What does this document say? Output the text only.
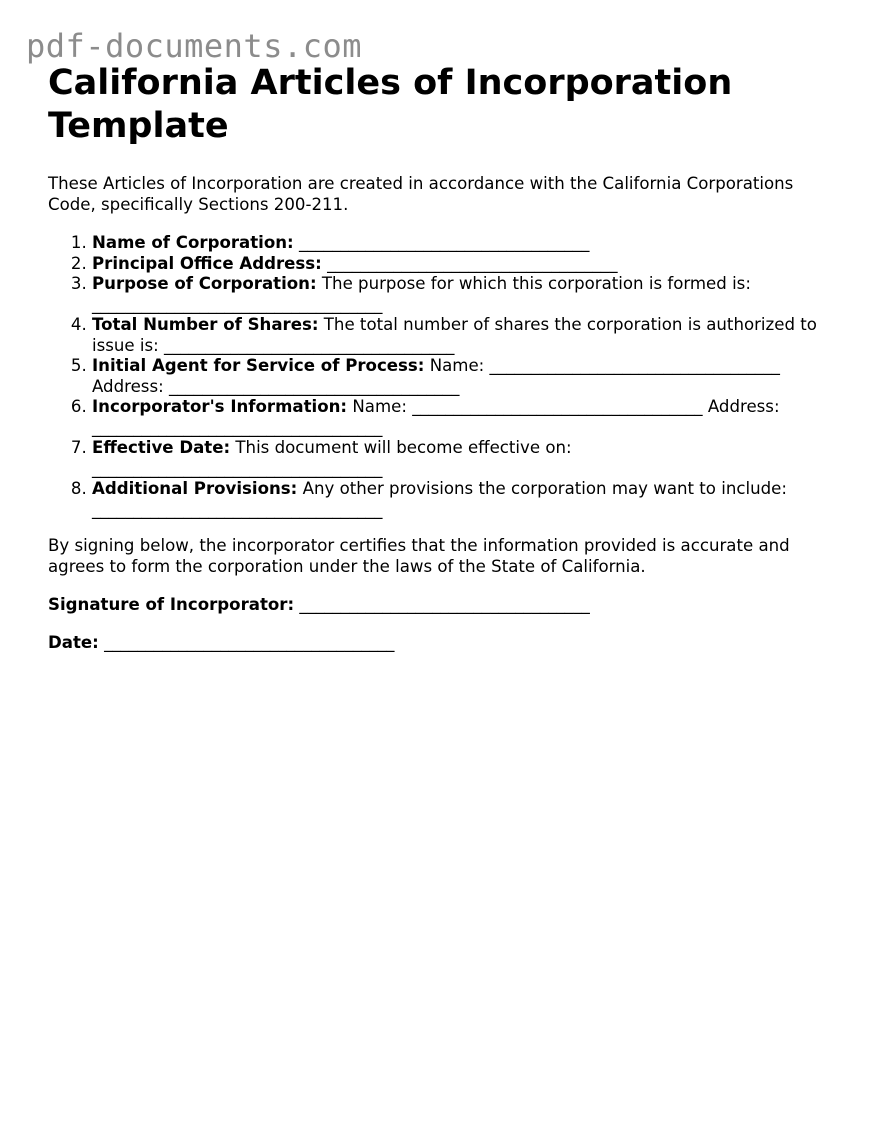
pdf-documents.com
California Articles of Incorporation Template

These Articles of Incorporation are created in accordance with the California Corporations Code, specifically Sections 200-211.

1. Name of Corporation: ___________________________________
2. Principal Office Address: ___________________________________
3. Purpose of Corporation: The purpose for which this corporation is formed is: ___________________________________
4. Total Number of Shares: The total number of shares the corporation is authorized to issue is: ___________________________________
5. Initial Agent for Service of Process: Name: ___________________________________ Address: ___________________________________
6. Incorporator's Information: Name: ___________________________________ Address: ___________________________________
7. Effective Date: This document will become effective on: ___________________________________
8. Additional Provisions: Any other provisions the corporation may want to include: ___________________________________

By signing below, the incorporator certifies that the information provided is accurate and agrees to form the corporation under the laws of the State of California.

Signature of Incorporator: ___________________________________

Date: ___________________________________
